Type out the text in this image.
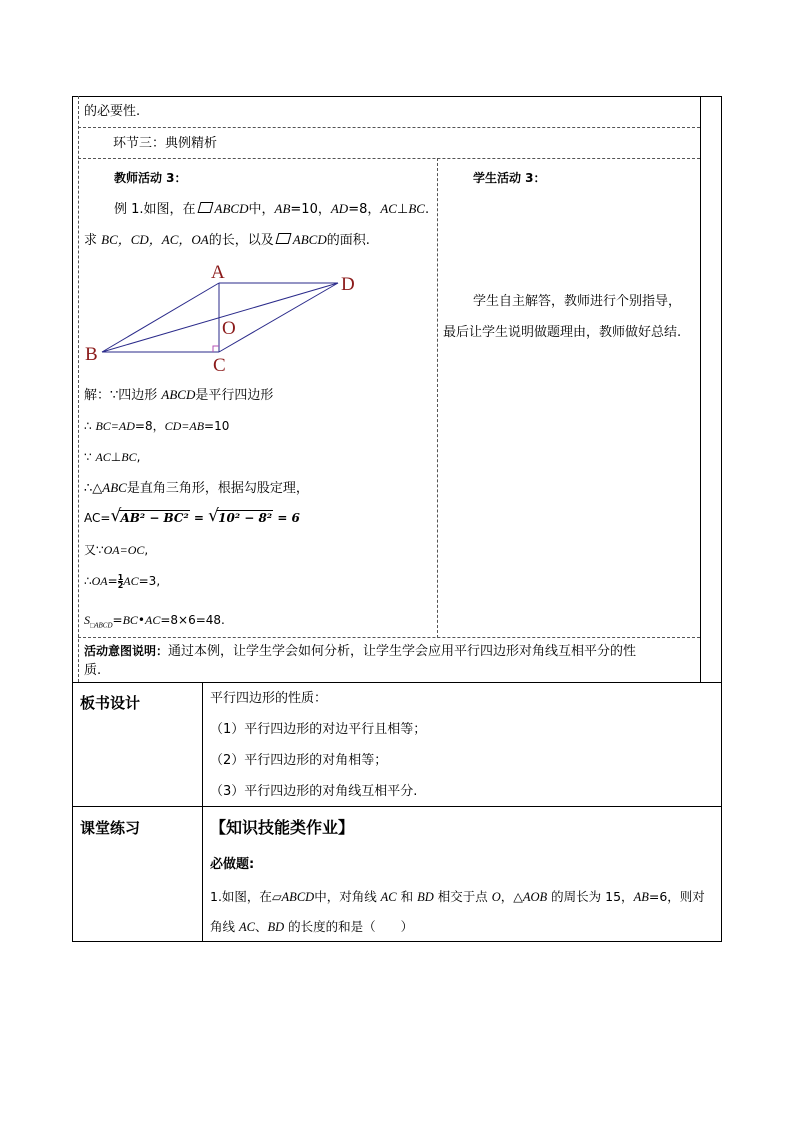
的必要性.
环节三：典例精析
教师活动 3：
例 1.如图，在 ABCD中，AB=10，AD=8，AC⊥BC.
求 BC，CD，AC，OA的长，以及 ABCD的面积.
A
D
O
B
C
解：∵四边形 ABCD是平行四边形
∴ BC=AD=8，CD=AB=10
∵ AC⊥BC,
∴△ABC是直角三角形，根据勾股定理，
AC= √ AB² − BC² = √ 10² − 8² = 6
又∵OA=OC,
∴OA= $\frac{1}{2} AC=3$,
$S_{□ABCD}=BC•AC=8\times 6=48$.
学生活动 3：
学生自主解答，教师进行个别指导，
最后让学生说明做题理由，教师做好总结.
活动意图说明：通过本例，让学生学会如何分析，让学生学会应用平行四边形对角线互相平分的性
质.
板书设计	平行四边形的性质：
（1）平行四边形的对边平行且相等；
（2）平行四边形的对角相等；
（3）平行四边形的对角线互相平分.
课堂练习	【知识技能类作业】
必做题:
1.如图，在▱ABCD中，对角线 AC 和 BD 相交于点 O，△AOB 的周长为 15，AB=6，则对
角线 AC、BD 的长度的和是（　　）
